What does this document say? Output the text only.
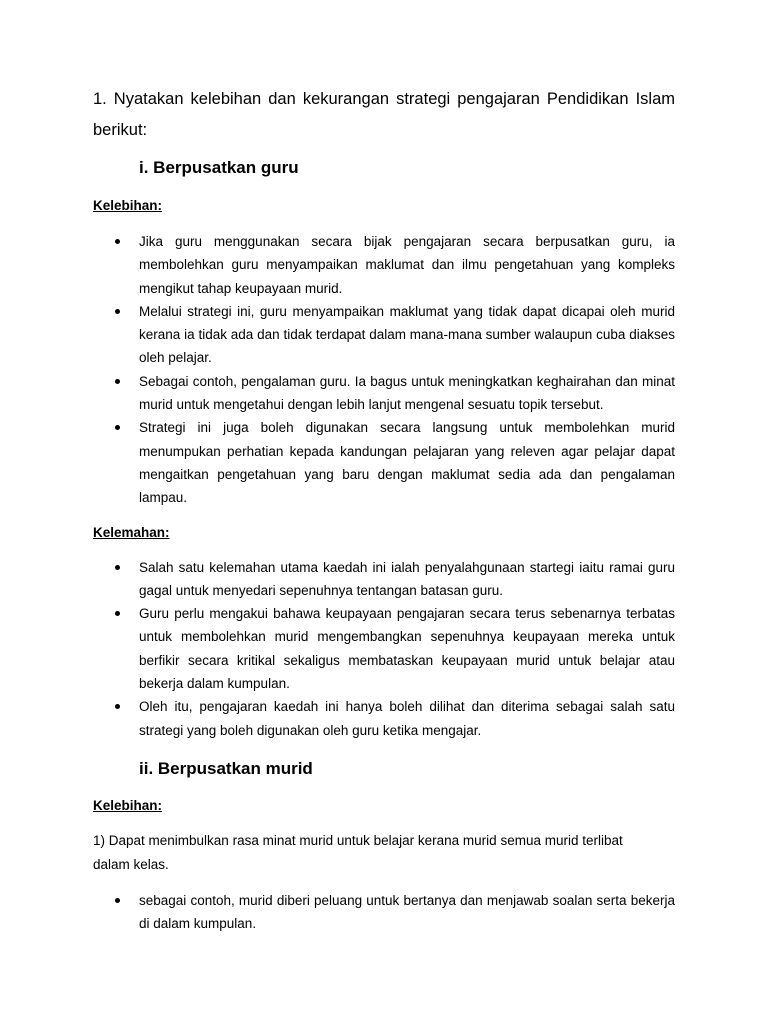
1. Nyatakan kelebihan dan kekurangan strategi pengajaran Pendidikan Islam berikut:

i. Berpusatkan guru

Kelebihan:

Jika guru menggunakan secara bijak pengajaran secara berpusatkan guru, ia membolehkan guru menyampaikan maklumat dan ilmu pengetahuan yang kompleks mengikut tahap keupayaan murid.
Melalui strategi ini, guru menyampaikan maklumat yang tidak dapat dicapai oleh murid kerana ia tidak ada dan tidak terdapat dalam mana-mana sumber walaupun cuba diakses oleh pelajar.
Sebagai contoh, pengalaman guru. Ia bagus untuk meningkatkan keghairahan dan minat murid untuk mengetahui dengan lebih lanjut mengenal sesuatu topik tersebut.
Strategi ini juga boleh digunakan secara langsung untuk membolehkan murid menumpukan perhatian kepada kandungan pelajaran yang releven agar pelajar dapat mengaitkan pengetahuan yang baru dengan maklumat sedia ada dan pengalaman lampau.

Kelemahan:

Salah satu kelemahan utama kaedah ini ialah penyalahgunaan startegi iaitu ramai guru gagal untuk menyedari sepenuhnya tentangan batasan guru.
Guru perlu mengakui bahawa keupayaan pengajaran secara terus sebenarnya terbatas untuk membolehkan murid mengembangkan sepenuhnya keupayaan mereka untuk berfikir secara kritikal sekaligus membataskan keupayaan murid untuk belajar atau bekerja dalam kumpulan.
Oleh itu, pengajaran kaedah ini hanya boleh dilihat dan diterima sebagai salah satu strategi yang boleh digunakan oleh guru ketika mengajar.
ii. Berpusatkan murid

Kelebihan:

1) Dapat menimbulkan rasa minat murid untuk belajar kerana murid semua murid terlibat dalam kelas.

sebagai contoh, murid diberi peluang untuk bertanya dan menjawab soalan serta bekerja di dalam kumpulan.
